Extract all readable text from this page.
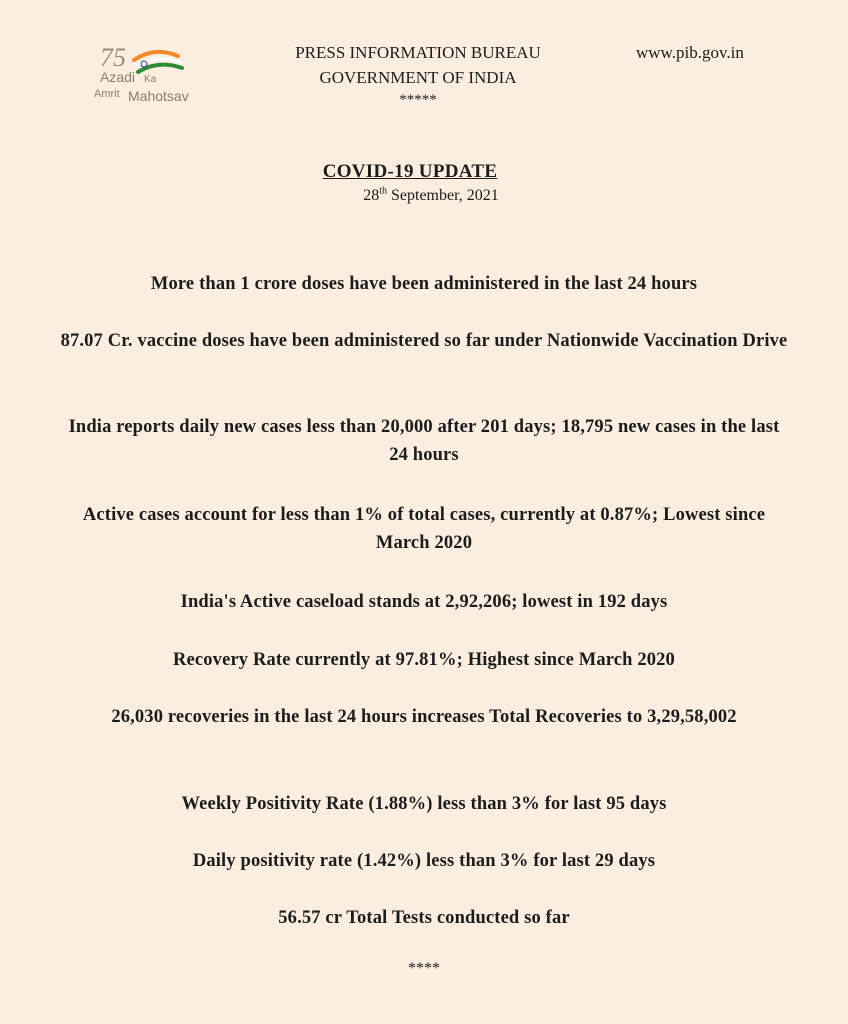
75
Azadi Ka
Amrit Mahotsav
PRESS INFORMATION BUREAU
GOVERNMENT OF INDIA
*****
www.pib.gov.in
COVID-19 UPDATE
28th September, 2021
More than 1 crore doses have been administered in the last 24 hours
87.07 Cr. vaccine doses have been administered so far under Nationwide Vaccination Drive
India reports daily new cases less than 20,000 after 201 days; 18,795 new cases in the last 24 hours
Active cases account for less than 1% of total cases, currently at 0.87%; Lowest since March 2020
India's Active caseload stands at 2,92,206; lowest in 192 days
Recovery Rate currently at 97.81%; Highest since March 2020
26,030 recoveries in the last 24 hours increases Total Recoveries to 3,29,58,002
Weekly Positivity Rate (1.88%) less than 3% for last 95 days
Daily positivity rate (1.42%) less than 3% for last 29 days
56.57 cr Total Tests conducted so far
****
